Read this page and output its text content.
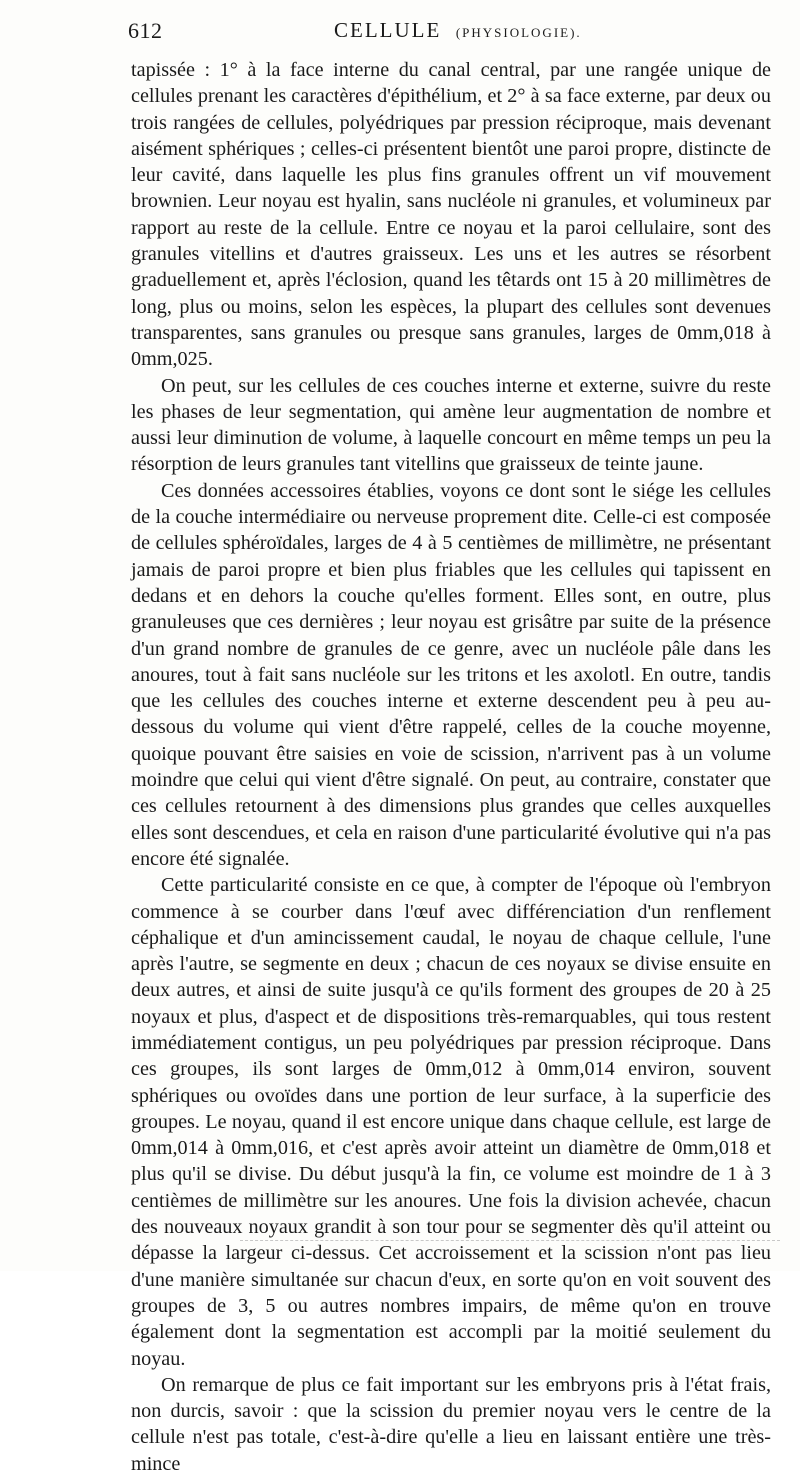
612	CELLULE (PHYSIOLOGIE).

tapissée : 1° à la face interne du canal central, par une rangée unique de cellules prenant les caractères d'épithélium, et 2° à sa face externe, par deux ou trois rangées de cellules, polyédriques par pression réciproque, mais devenant aisément sphériques ; celles-ci présentent bientôt une paroi propre, distincte de leur cavité, dans laquelle les plus fins granules offrent un vif mouvement brownien. Leur noyau est hyalin, sans nucléole ni granules, et volumineux par rapport au reste de la cellule. Entre ce noyau et la paroi cellulaire, sont des granules vitellins et d'autres graisseux. Les uns et les autres se résorbent graduellement et, après l'éclosion, quand les têtards ont 15 à 20 millimètres de long, plus ou moins, selon les espèces, la plupart des cellules sont devenues transparentes, sans granules ou presque sans granules, larges de 0mm,018 à 0mm,025.

On peut, sur les cellules de ces couches interne et externe, suivre du reste les phases de leur segmentation, qui amène leur augmentation de nombre et aussi leur diminution de volume, à laquelle concourt en même temps un peu la résorption de leurs granules tant vitellins que graisseux de teinte jaune.

Ces données accessoires établies, voyons ce dont sont le siége les cellules de la couche intermédiaire ou nerveuse proprement dite. Celle-ci est composée de cellules sphéroïdales, larges de 4 à 5 centièmes de millimètre, ne présentant jamais de paroi propre et bien plus friables que les cellules qui tapissent en dedans et en dehors la couche qu'elles forment. Elles sont, en outre, plus granuleuses que ces dernières ; leur noyau est grisâtre par suite de la présence d'un grand nombre de granules de ce genre, avec un nucléole pâle dans les anoures, tout à fait sans nucléole sur les tritons et les axolotl. En outre, tandis que les cellules des couches interne et externe descendent peu à peu au-dessous du volume qui vient d'être rappelé, celles de la couche moyenne, quoique pouvant être saisies en voie de scission, n'arrivent pas à un volume moindre que celui qui vient d'être signalé. On peut, au contraire, constater que ces cellules retournent à des dimensions plus grandes que celles auxquelles elles sont descendues, et cela en raison d'une particularité évolutive qui n'a pas encore été signalée.

Cette particularité consiste en ce que, à compter de l'époque où l'embryon commence à se courber dans l'œuf avec différenciation d'un renflement céphalique et d'un amincissement caudal, le noyau de chaque cellule, l'une après l'autre, se segmente en deux ; chacun de ces noyaux se divise ensuite en deux autres, et ainsi de suite jusqu'à ce qu'ils forment des groupes de 20 à 25 noyaux et plus, d'aspect et de dispositions très-remarquables, qui tous restent immédiatement contigus, un peu polyédriques par pression réciproque. Dans ces groupes, ils sont larges de 0mm,012 à 0mm,014 environ, souvent sphériques ou ovoïdes dans une portion de leur surface, à la superficie des groupes. Le noyau, quand il est encore unique dans chaque cellule, est large de 0mm,014 à 0mm,016, et c'est après avoir atteint un diamètre de 0mm,018 et plus qu'il se divise. Du début jusqu'à la fin, ce volume est moindre de 1 à 3 centièmes de millimètre sur les anoures. Une fois la division achevée, chacun des nouveaux noyaux grandit à son tour pour se segmenter dès qu'il atteint ou dépasse la largeur ci-dessus. Cet accroissement et la scission n'ont pas lieu d'une manière simultanée sur chacun d'eux, en sorte qu'on en voit souvent des groupes de 3, 5 ou autres nombres impairs, de même qu'on en trouve également dont la segmentation est accompli par la moitié seulement du noyau.

On remarque de plus ce fait important sur les embryons pris à l'état frais, non durcis, savoir : que la scission du premier noyau vers le centre de la cellule n'est pas totale, c'est-à-dire qu'elle a lieu en laissant entière une très-mince
